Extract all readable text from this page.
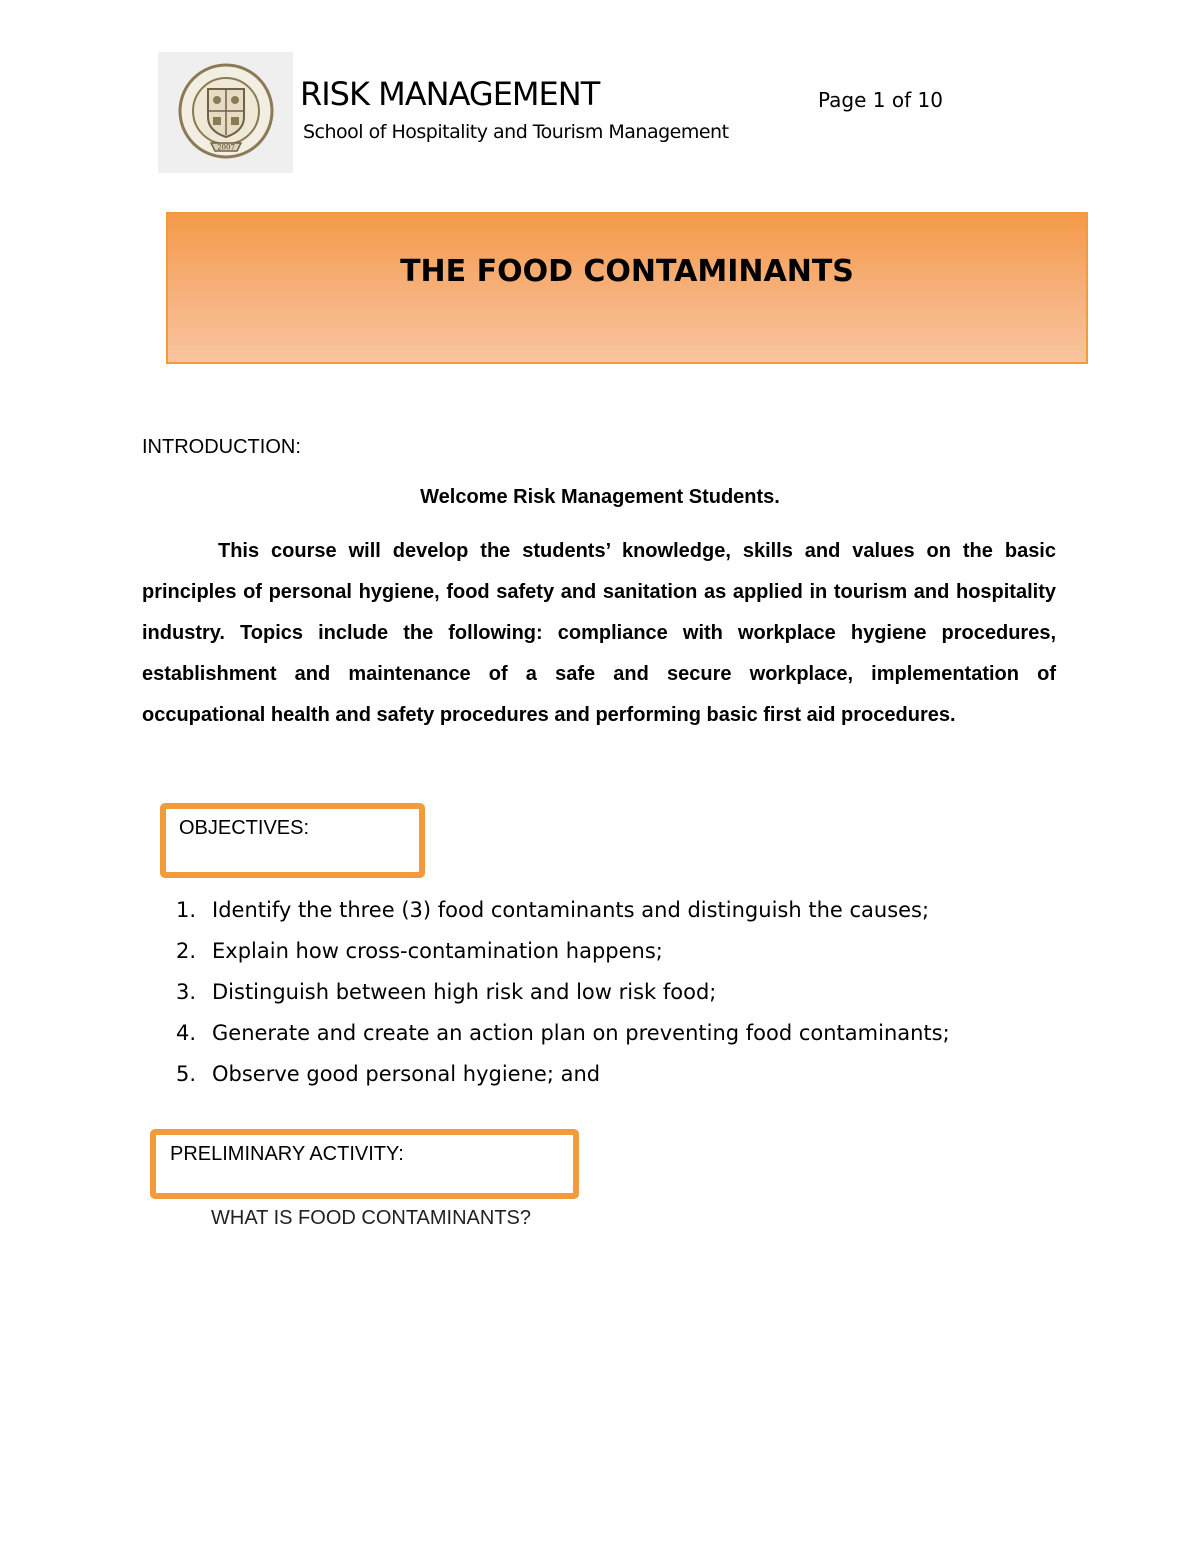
2007
RISK MANAGEMENT	Page 1 of 10
School of Hospitality and Tourism Management
THE FOOD CONTAMINANTS
INTRODUCTION:
Welcome Risk Management Students.

This course will develop the students’ knowledge, skills and values on the basic principles of personal hygiene, food safety and sanitation as applied in tourism and hospitality industry. Topics include the following: compliance with workplace hygiene procedures, establishment and maintenance of a safe and secure workplace, implementation of occupational health and safety procedures and performing basic first aid procedures.

OBJECTIVES:
1. Identify the three (3) food contaminants and distinguish the causes;
2. Explain how cross-contamination happens;
3. Distinguish between high risk and low risk food;
4. Generate and create an action plan on preventing food contaminants;
5. Observe good personal hygiene; and
PRELIMINARY ACTIVITY:
WHAT IS FOOD CONTAMINANTS?
